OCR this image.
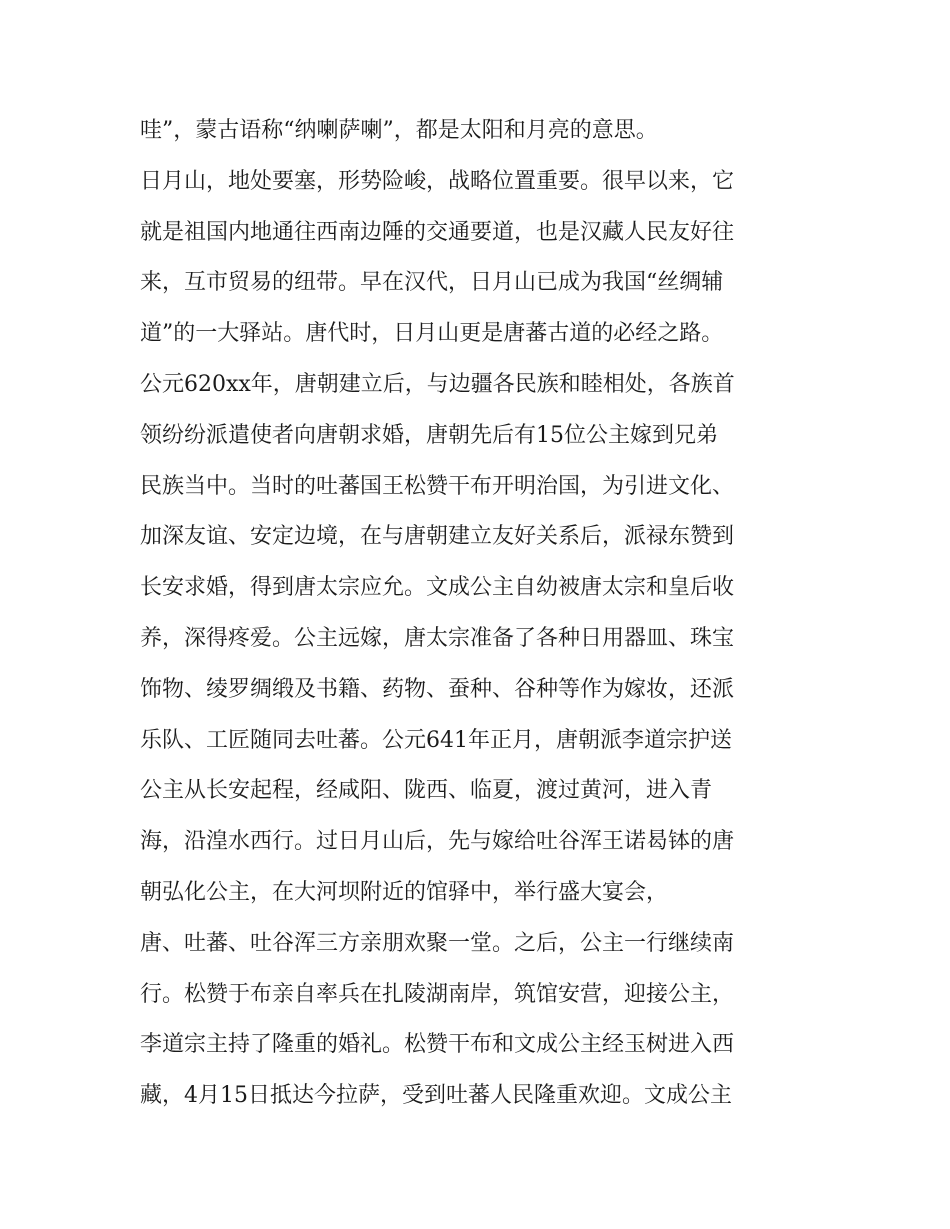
哇”，蒙古语称“纳喇萨喇”，都是太阳和月亮的意思。
日月山，地处要塞，形势险峻，战略位置重要。很早以来，它
就是祖国内地通往西南边陲的交通要道，也是汉藏人民友好往
来，互市贸易的纽带。早在汉代，日月山已成为我国“丝绸辅
道”的一大驿站。唐代时，日月山更是唐蕃古道的必经之路。
公元620xx年，唐朝建立后，与边疆各民族和睦相处，各族首
领纷纷派遣使者向唐朝求婚，唐朝先后有15位公主嫁到兄弟
民族当中。当时的吐蕃国王松赞干布开明治国，为引进文化、
加深友谊、安定边境，在与唐朝建立友好关系后，派禄东赞到
长安求婚，得到唐太宗应允。文成公主自幼被唐太宗和皇后收
养，深得疼爱。公主远嫁，唐太宗准备了各种日用器皿、珠宝
饰物、绫罗绸缎及书籍、药物、蚕种、谷种等作为嫁妆，还派
乐队、工匠随同去吐蕃。公元641年正月，唐朝派李道宗护送
公主从长安起程，经咸阳、陇西、临夏，渡过黄河，进入青
海，沿湟水西行。过日月山后，先与嫁给吐谷浑王诺曷钵的唐
朝弘化公主，在大河坝附近的馆驿中，举行盛大宴会，
唐、吐蕃、吐谷浑三方亲朋欢聚一堂。之后，公主一行继续南
行。松赞于布亲自率兵在扎陵湖南岸，筑馆安营，迎接公主，
李道宗主持了隆重的婚礼。松赞干布和文成公主经玉树进入西
藏，4月15日抵达今拉萨，受到吐蕃人民隆重欢迎。文成公主
